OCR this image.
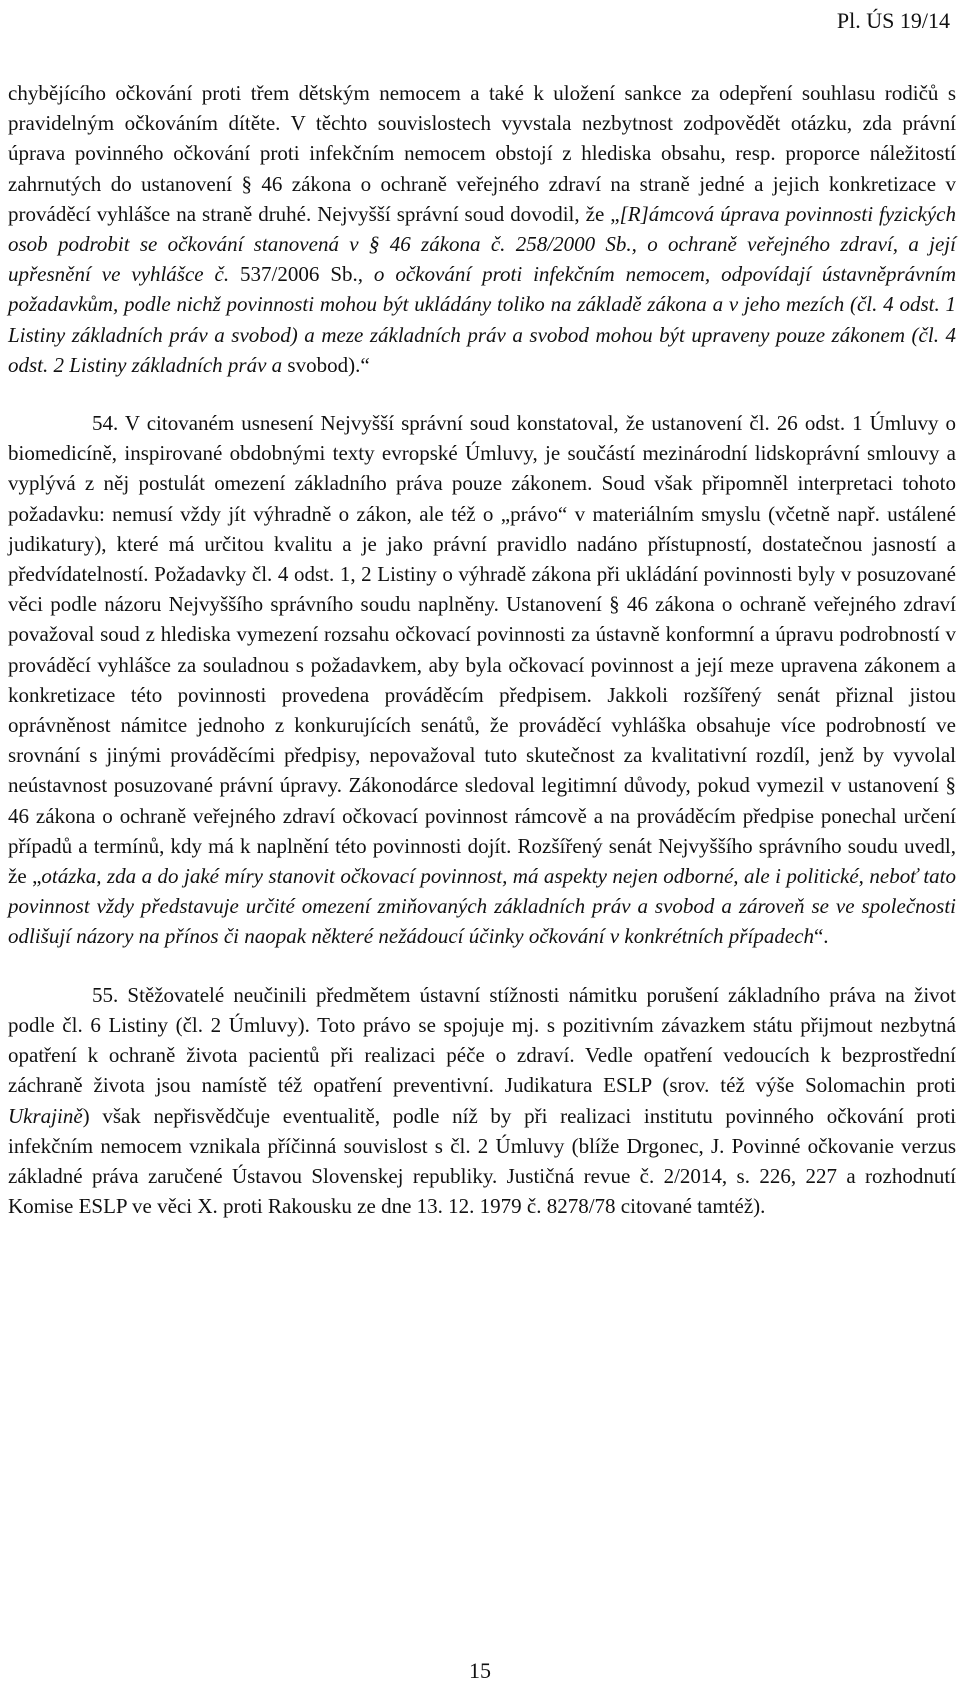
Pl. ÚS 19/14

chybějícího očkování proti třem dětským nemocem a také k uložení sankce za odepření souhlasu rodičů s pravidelným očkováním dítěte. V těchto souvislostech vyvstala nezbytnost zodpovědět otázku, zda právní úprava povinného očkování proti infekčním nemocem obstojí z hlediska obsahu, resp. proporce náležitostí zahrnutých do ustanovení § 46 zákona o ochraně veřejného zdraví na straně jedné a jejich konkretizace v prováděcí vyhlášce na straně druhé. Nejvyšší správní soud dovodil, že „[R]ámcová úprava povinnosti fyzických osob podrobit se očkování stanovená v § 46 zákona č. 258/2000 Sb., o ochraně veřejného zdraví, a její upřesnění ve vyhlášce č. 537/2006 Sb., o očkování proti infekčním nemocem, odpovídají ústavněprávním požadavkům, podle nichž povinnosti mohou být ukládány toliko na základě zákona a v jeho mezích (čl. 4 odst. 1 Listiny základních práv a svobod) a meze základních práv a svobod mohou být upraveny pouze zákonem (čl. 4 odst. 2 Listiny základních práv a svobod).“

54. V citovaném usnesení Nejvyšší správní soud konstatoval, že ustanovení čl. 26 odst. 1 Úmluvy o biomedicíně, inspirované obdobnými texty evropské Úmluvy, je součástí mezinárodní lidskoprávní smlouvy a vyplývá z něj postulát omezení základního práva pouze zákonem. Soud však připomněl interpretaci tohoto požadavku: nemusí vždy jít výhradně o zákon, ale též o „právo“ v materiálním smyslu (včetně např. ustálené judikatury), které má určitou kvalitu a je jako právní pravidlo nadáno přístupností, dostatečnou jasností a předvídatelností. Požadavky čl. 4 odst. 1, 2 Listiny o výhradě zákona při ukládání povinnosti byly v posuzované věci podle názoru Nejvyššího správního soudu naplněny. Ustanovení § 46 zákona o ochraně veřejného zdraví považoval soud z hlediska vymezení rozsahu očkovací povinnosti za ústavně konformní a úpravu podrobností v prováděcí vyhlášce za souladnou s požadavkem, aby byla očkovací povinnost a její meze upravena zákonem a konkretizace této povinnosti provedena prováděcím předpisem. Jakkoli rozšířený senát přiznal jistou oprávněnost námitce jednoho z konkurujících senátů, že prováděcí vyhláška obsahuje více podrobností ve srovnání s jinými prováděcími předpisy, nepovažoval tuto skutečnost za kvalitativní rozdíl, jenž by vyvolal neústavnost posuzované právní úpravy. Zákonodárce sledoval legitimní důvody, pokud vymezil v ustanovení § 46 zákona o ochraně veřejného zdraví očkovací povinnost rámcově a na prováděcím předpise ponechal určení případů a termínů, kdy má k naplnění této povinnosti dojít. Rozšířený senát Nejvyššího správního soudu uvedl, že „otázka, zda a do jaké míry stanovit očkovací povinnost, má aspekty nejen odborné, ale i politické, neboť tato povinnost vždy představuje určité omezení zmiňovaných základních práv a svobod a zároveň se ve společnosti odlišují názory na přínos či naopak některé nežádoucí účinky očkování v konkrétních případech“.

55. Stěžovatelé neučinili předmětem ústavní stížnosti námitku porušení základního práva na život podle čl. 6 Listiny (čl. 2 Úmluvy). Toto právo se spojuje mj. s pozitivním závazkem státu přijmout nezbytná opatření k ochraně života pacientů při realizaci péče o zdraví. Vedle opatření vedoucích k bezprostřední záchraně života jsou namístě též opatření preventivní. Judikatura ESLP (srov. též výše Solomachin proti Ukrajině) však nepřisvědčuje eventualitě, podle níž by při realizaci institutu povinného očkování proti infekčním nemocem vznikala příčinná souvislost s čl. 2 Úmluvy (blíže Drgonec, J. Povinné očkovanie verzus základné práva zaručené Ústavou Slovenskej republiky. Justičná revue č. 2/2014, s. 226, 227 a rozhodnutí Komise ESLP ve věci X. proti Rakousku ze dne 13. 12. 1979 č. 8278/78 citované tamtéž).

15
